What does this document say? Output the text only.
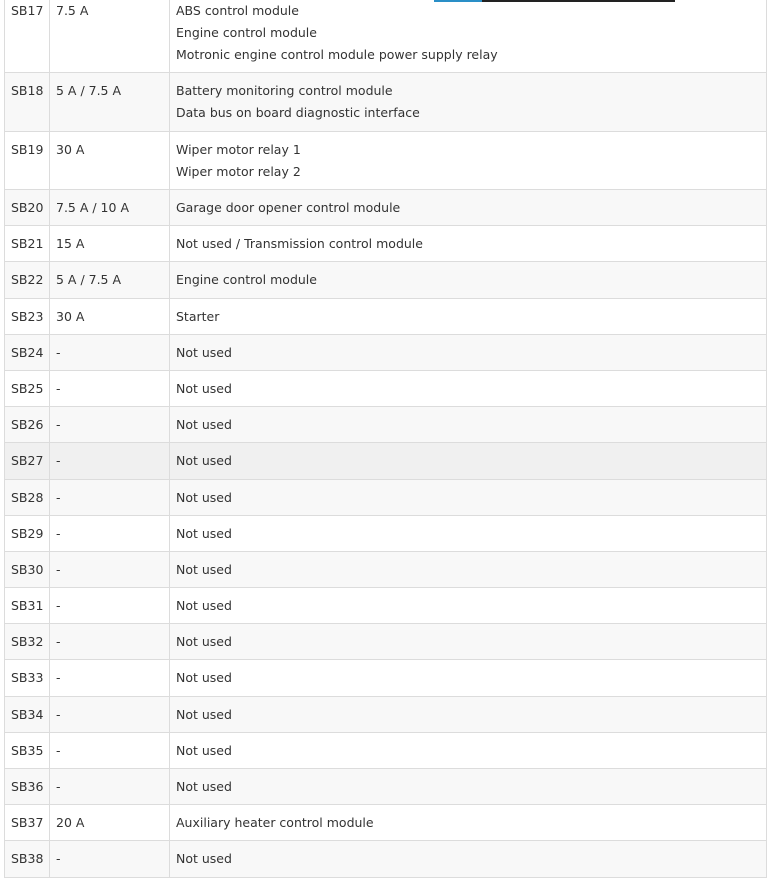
SB17	7.5 A	ABS control module
Engine control module
Motronic engine control module power supply relay

SB18	5 A / 7.5 A	Battery monitoring control module
Data bus on board diagnostic interface

SB19	30 A	Wiper motor relay 1
Wiper motor relay 2

SB20	7.5 A / 10 A	Garage door opener control module

SB21	15 A	Not used / Transmission control module

SB22	5 A / 7.5 A	Engine control module

SB23	30 A	Starter

SB24	-	Not used

SB25	-	Not used

SB26	-	Not used

SB27	-	Not used

SB28	-	Not used

SB29	-	Not used

SB30	-	Not used

SB31	-	Not used

SB32	-	Not used

SB33	-	Not used

SB34	-	Not used

SB35	-	Not used

SB36	-	Not used

SB37	20 A	Auxiliary heater control module

SB38	-	Not used
